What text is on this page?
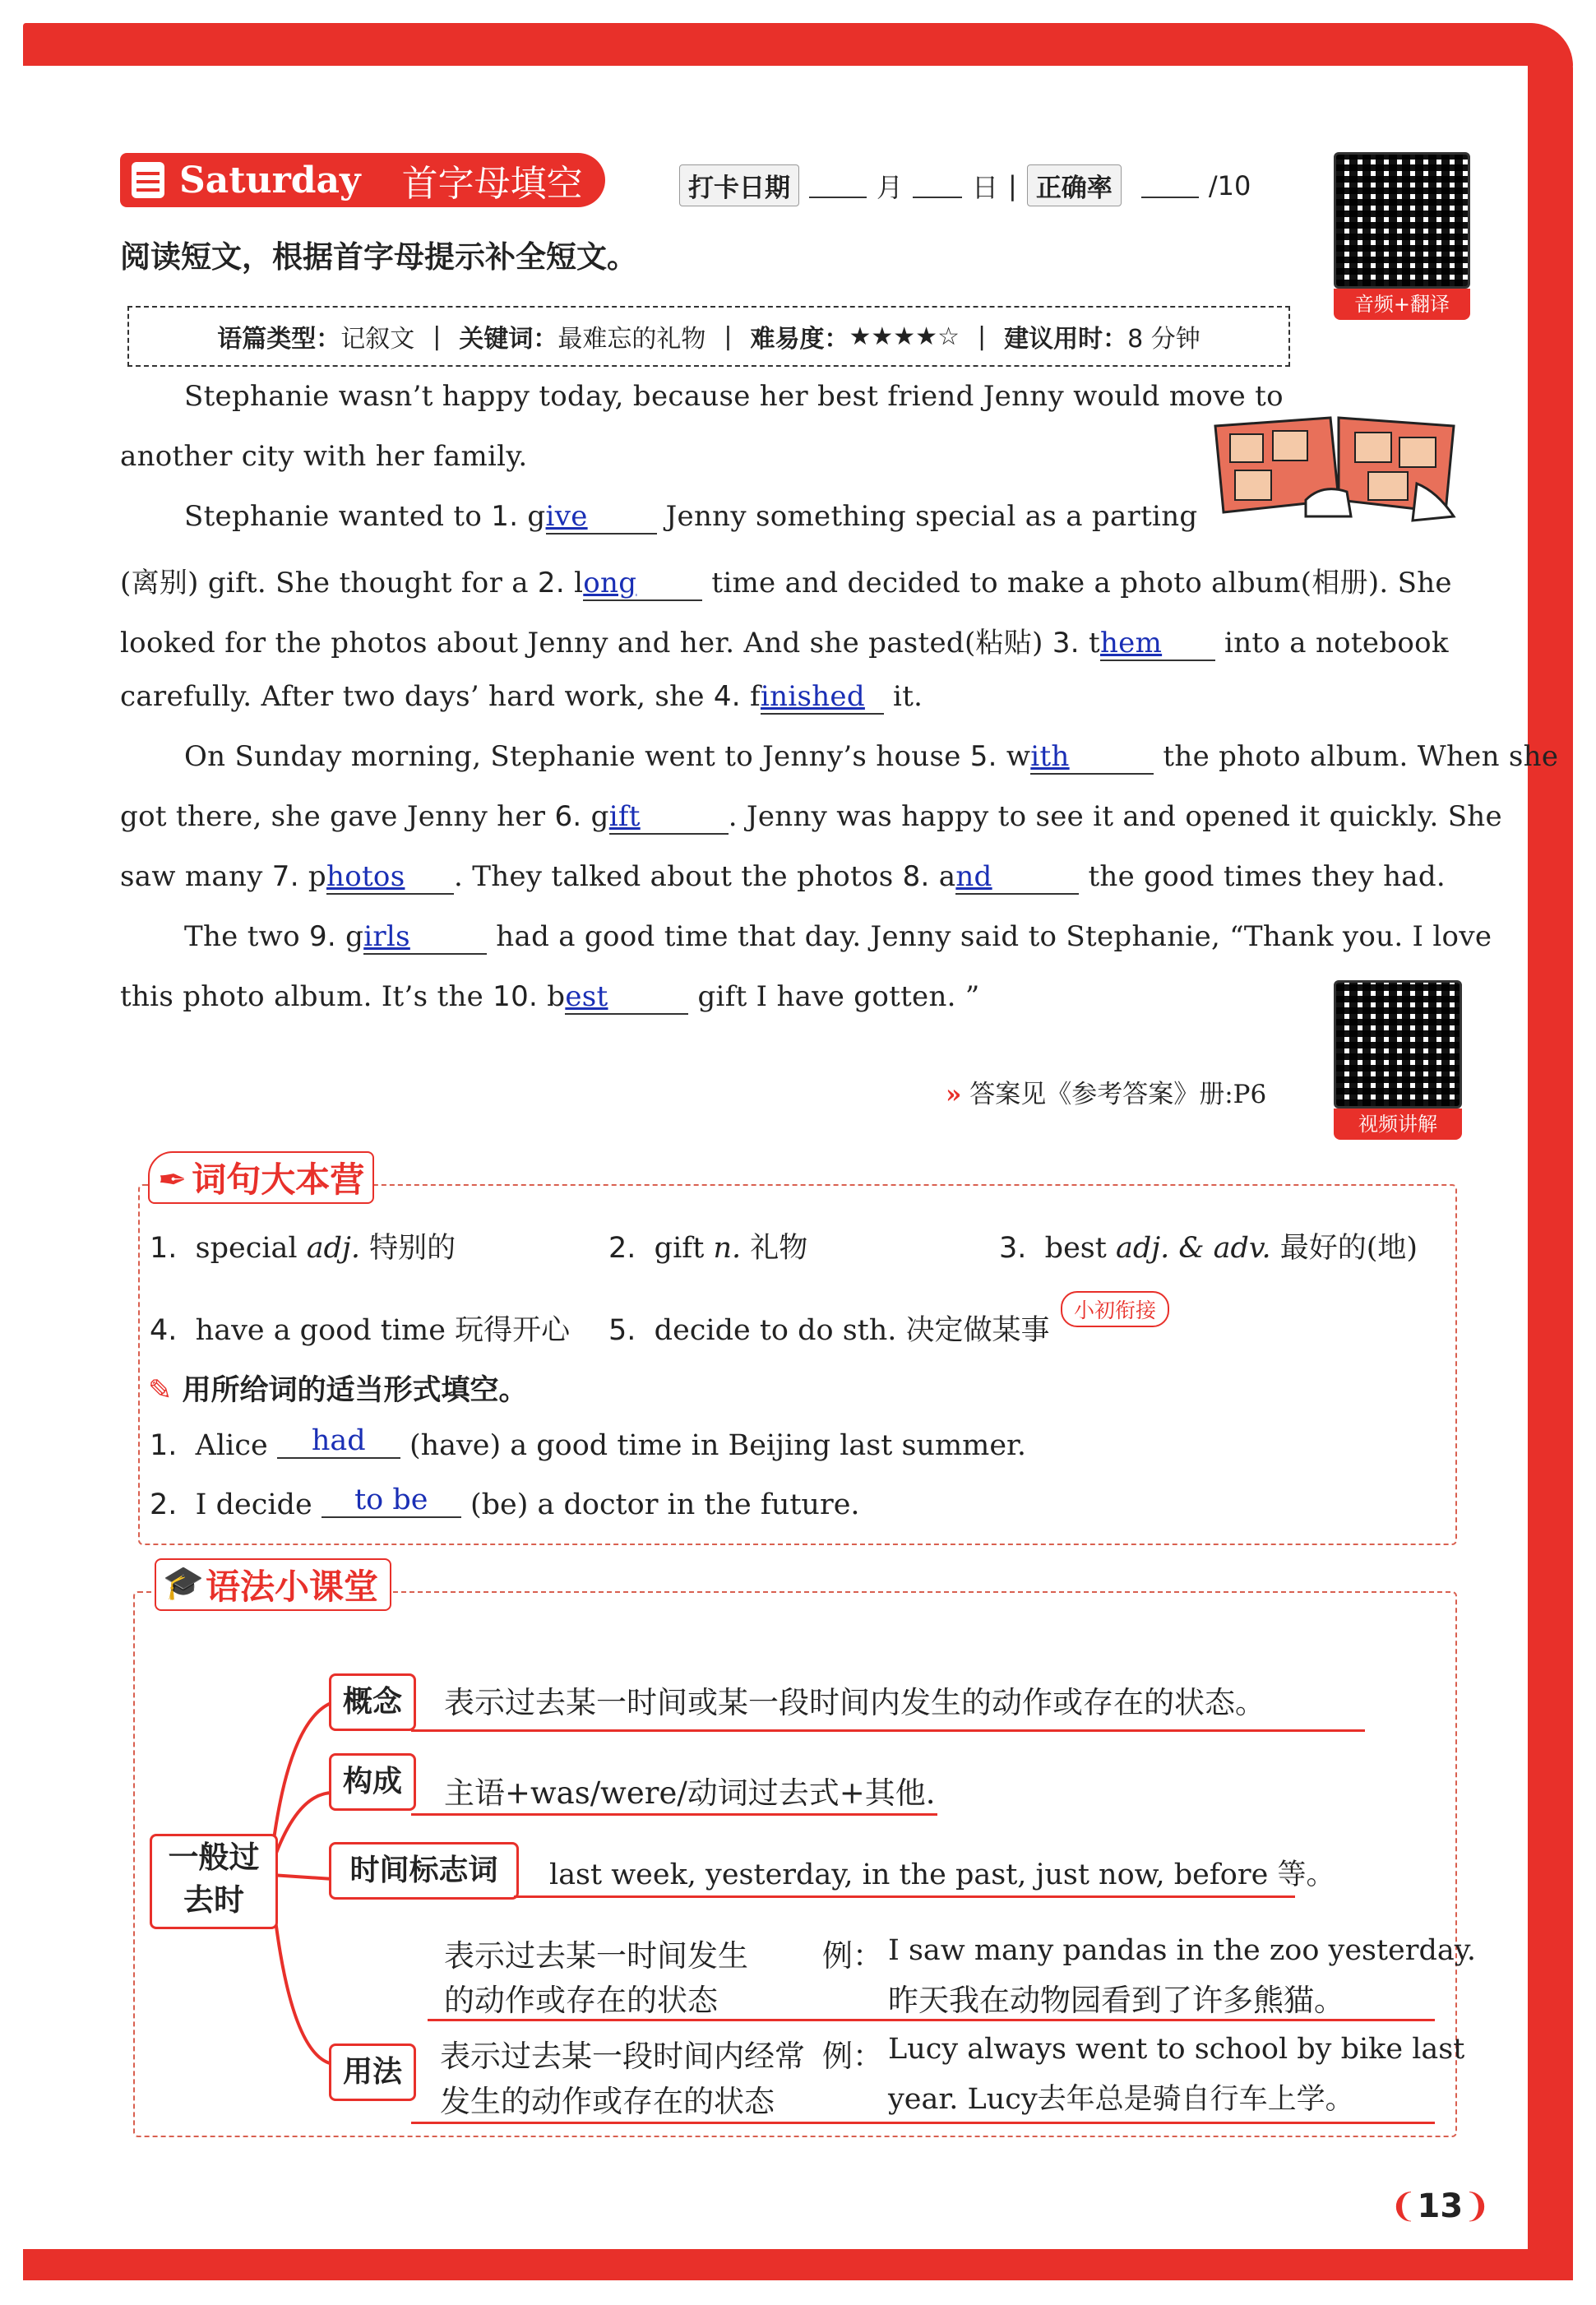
Saturday 首字母填空	打卡日期	月	日 | 正确率	/10
音频+翻译
阅读短文，根据首字母提示补全短文。
语篇类型： 记叙文 | 关键词： 最难忘的礼物 | 难易度： ★★★★☆ | 建议用时： 8 分钟
Stephanie wasn’t happy today, because her best friend Jenny would move to
another city with her family.
Stephanie wanted to 1. give Jenny something special as a parting
(离别) gift. She thought for a 2. long time and decided to make a photo album(相册). She
looked for the photos about Jenny and her. And she pasted(粘贴) 3. them into a notebook
carefully. After two days’ hard work, she 4. finished it.
On Sunday morning, Stephanie went to Jenny’s house 5. with	the photo album. When she
got there, she gave Jenny her 6. gift	. Jenny was happy to see it and opened it quickly. She
saw many 7. photos . They talked about the photos 8. and	the good times they had.
The two 9. girls	had a good time that day. Jenny said to Stephanie, “Thank you. I love
this photo album. It’s the 10. best	gift I have gotten. ”
视频讲解
» 答案见《参考答案》册:P6
✒ 词句大本营
1. special adj. 特别的	2. gift n. 礼物	3. best adj. & adv. 最好的(地)
4. have a good time 玩得开心 5. decide to do sth. 决定做某事
小初衔接
✎ 用所给词的适当形式填空。
1. Alice had (have) a good time in Beijing last summer.
2. I decide to be (be) a doctor in the future.
🎓 语法小课堂
一般过
去时
概念	表示过去某一时间或某一段时间内发生的动作或存在的状态。
构成	主语+was/were/动词过去式+其他.
时间标志词	last week, yesterday, in the past, just now, before 等。
表示过去某一时间发生
的动作或存在的状态
例： I saw many pandas in the zoo yesterday.
昨天我在动物园看到了许多熊猫。
用法	表示过去某一段时间内经常
发生的动作或存在的状态
例： Lucy always went to school by bike last
year. Lucy去年总是骑自行车上学。
❨13❩
